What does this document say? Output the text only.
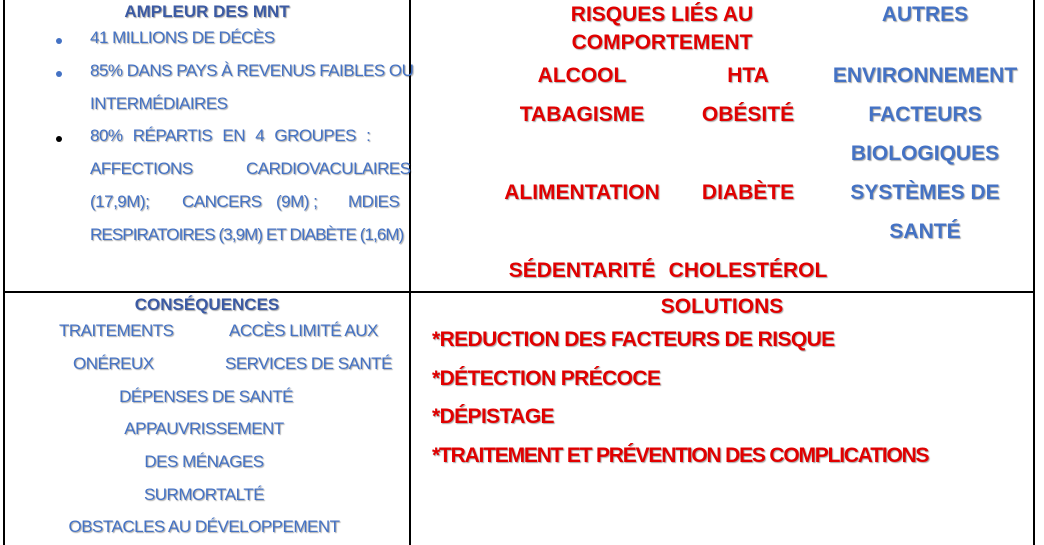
AMPLEUR DES MNT
41 MILLIONS DE DÉCÈS
85% DANS PAYS À REVENUS FAIBLES OU
INTERMÉDIAIRES
80% RÉPARTIS EN 4 GROUPES :
AFFECTIONS	CARDIOVACULAIRES
(17,9M); CANCERS (9M) ; MDIES
RESPIRATOIRES (3,9M) ET DIABÈTE (1,6M)
RISQUES LIÉS AU
COMPORTEMENT
ALCOOL
TABAGISME
ALIMENTATION
SÉDENTARITÉ
HTA
OBÉSITÉ
DIABÈTE
CHOLESTÉROL
AUTRES
ENVIRONNEMENT
FACTEURS
BIOLOGIQUES
SYSTÈMES DE
SANTÉ
CONSÉQUENCES
TRAITEMENTS	ACCÈS LIMITÉ AUX
ONÉREUX	SERVICES DE SANTÉ
DÉPENSES DE SANTÉ
APPAUVRISSEMENT
DES MÉNAGES
SURMORTALTÉ
OBSTACLES AU DÉVELOPPEMENT
SOLUTIONS
*REDUCTION DES FACTEURS DE RISQUE
*DÉTECTION PRÉCOCE
*DÉPISTAGE
*TRAITEMENT ET PRÉVENTION DES COMPLICATIONS
